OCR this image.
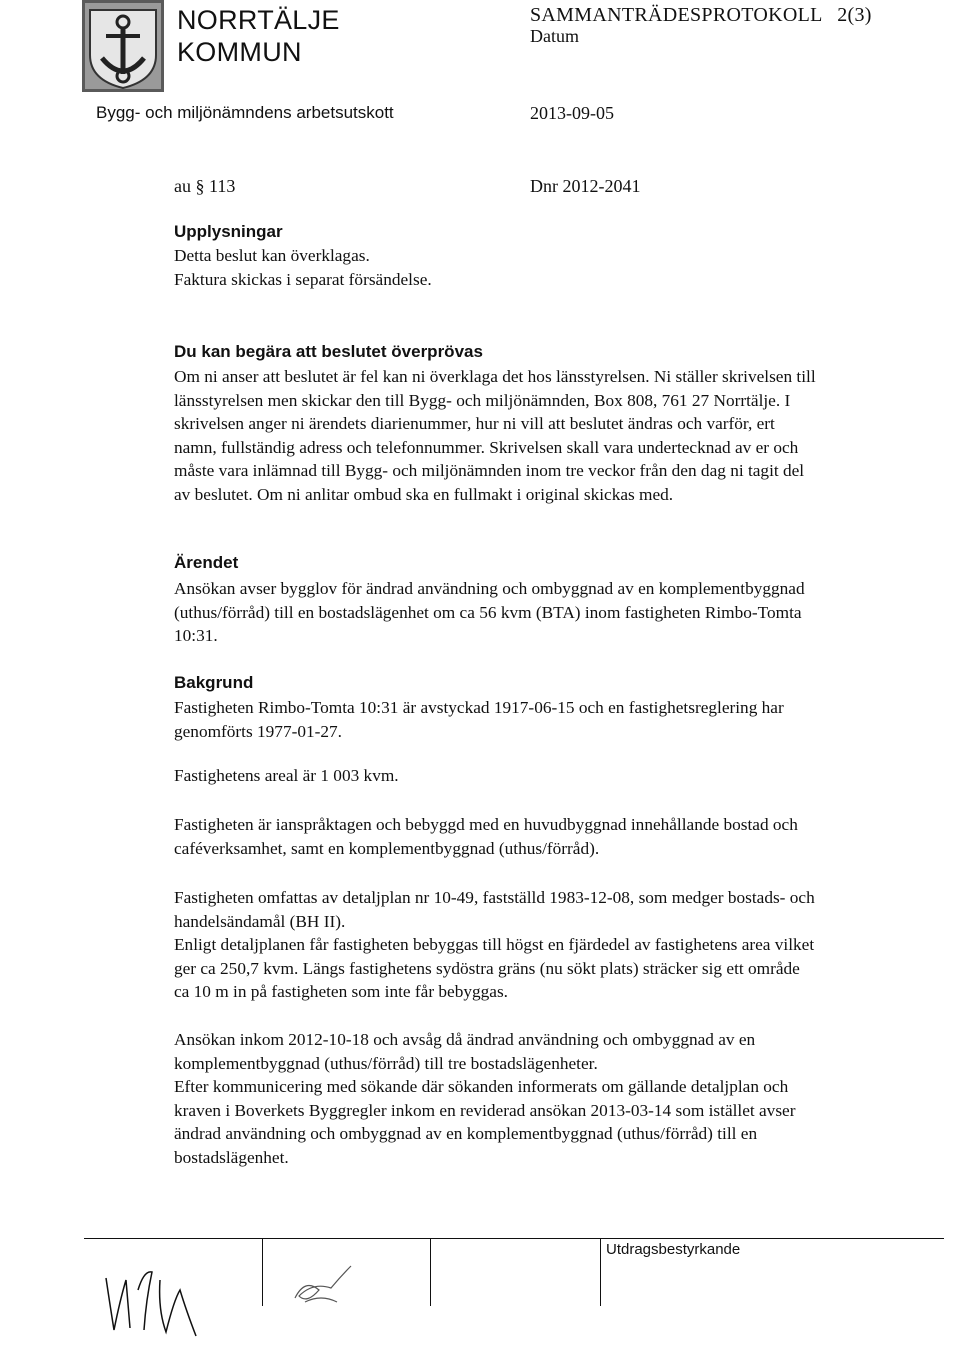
NORRTÄLJE
KOMMUN
SAMMANTRÄDESPROTOKOLL 2(3)
Datum
Bygg- och miljönämndens arbetsutskott	2013-09-05
au § 113	Dnr 2012-2041
Upplysningar
Detta beslut kan överklagas.
Faktura skickas i separat försändelse.
Du kan begära att beslutet överprövas
Om ni anser att beslutet är fel kan ni överklaga det hos länsstyrelsen. Ni ställer skrivelsen till
länsstyrelsen men skickar den till Bygg- och miljönämnden, Box 808, 761 27 Norrtälje. I
skrivelsen anger ni ärendets diarienummer, hur ni vill att beslutet ändras och varför, ert
namn, fullständig adress och telefonnummer. Skrivelsen skall vara undertecknad av er och
måste vara inlämnad till Bygg- och miljönämnden inom tre veckor från den dag ni tagit del
av beslutet. Om ni anlitar ombud ska en fullmakt i original skickas med.
Ärendet
Ansökan avser bygglov för ändrad användning och ombyggnad av en komplementbyggnad
(uthus/förråd) till en bostadslägenhet om ca 56 kvm (BTA) inom fastigheten Rimbo-Tomta
10:31.
Bakgrund
Fastigheten Rimbo-Tomta 10:31 är avstyckad 1917-06-15 och en fastighetsreglering har
genomförts 1977-01-27.
Fastighetens areal är 1 003 kvm.
Fastigheten är ianspråktagen och bebyggd med en huvudbyggnad innehållande bostad och
caféverksamhet, samt en komplementbyggnad (uthus/förråd).
Fastigheten omfattas av detaljplan nr 10-49, fastställd 1983-12-08, som medger bostads- och
handelsändamål (BH II).
Enligt detaljplanen får fastigheten bebyggas till högst en fjärdedel av fastighetens area vilket
ger ca 250,7 kvm. Längs fastighetens sydöstra gräns (nu sökt plats) sträcker sig ett område
ca 10 m in på fastigheten som inte får bebyggas.
Ansökan inkom 2012-10-18 och avsåg då ändrad användning och ombyggnad av en
komplementbyggnad (uthus/förråd) till tre bostadslägenheter.
Efter kommunicering med sökande där sökanden informerats om gällande detaljplan och
kraven i Boverkets Byggregler inkom en reviderad ansökan 2013-03-14 som istället avser
ändrad användning och ombyggnad av en komplementbyggnad (uthus/förråd) till en
bostadslägenhet.
Utdragsbestyrkande
